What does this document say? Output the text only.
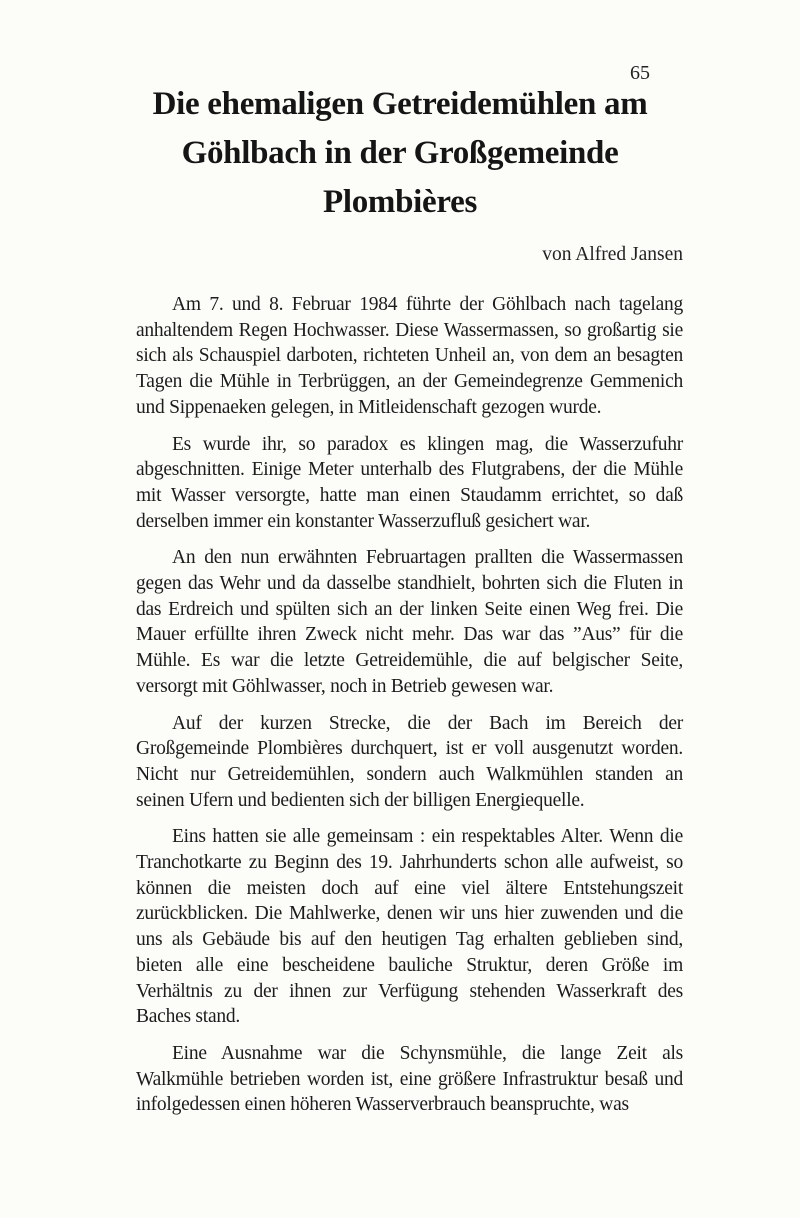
65
Die ehemaligen Getreidemühlen am Göhlbach in der Großgemeinde Plombières
von Alfred Jansen

Am 7. und 8. Februar 1984 führte der Göhlbach nach tagelang anhaltendem Regen Hochwasser. Diese Wassermassen, so großartig sie sich als Schauspiel darboten, richteten Unheil an, von dem an besagten Tagen die Mühle in Terbrüggen, an der Gemeindegrenze Gemmenich und Sippenaeken gelegen, in Mitleidenschaft gezogen wurde.

Es wurde ihr, so paradox es klingen mag, die Wasserzufuhr abgeschnitten. Einige Meter unterhalb des Flutgrabens, der die Mühle mit Wasser versorgte, hatte man einen Staudamm errichtet, so daß derselben immer ein konstanter Wasserzufluß gesichert war.

An den nun erwähnten Februartagen prallten die Wassermassen gegen das Wehr und da dasselbe standhielt, bohrten sich die Fluten in das Erdreich und spülten sich an der linken Seite einen Weg frei. Die Mauer erfüllte ihren Zweck nicht mehr. Das war das ”Aus” für die Mühle. Es war die letzte Getreidemühle, die auf belgischer Seite, versorgt mit Göhlwasser, noch in Betrieb gewesen war.

Auf der kurzen Strecke, die der Bach im Bereich der Großgemeinde Plombières durchquert, ist er voll ausgenutzt worden. Nicht nur Getreidemühlen, sondern auch Walkmühlen standen an seinen Ufern und bedienten sich der billigen Energiequelle.

Eins hatten sie alle gemeinsam : ein respektables Alter. Wenn die Tranchotkarte zu Beginn des 19. Jahrhunderts schon alle aufweist, so können die meisten doch auf eine viel ältere Entstehungszeit zurückblicken. Die Mahlwerke, denen wir uns hier zuwenden und die uns als Gebäude bis auf den heutigen Tag erhalten geblieben sind, bieten alle eine bescheidene bauliche Struktur, deren Größe im Verhältnis zu der ihnen zur Verfügung stehenden Wasserkraft des Baches stand.

Eine Ausnahme war die Schynsmühle, die lange Zeit als Walkmühle betrieben worden ist, eine größere Infrastruktur besaß und infolgedessen einen höheren Wasserverbrauch beanspruchte, was
